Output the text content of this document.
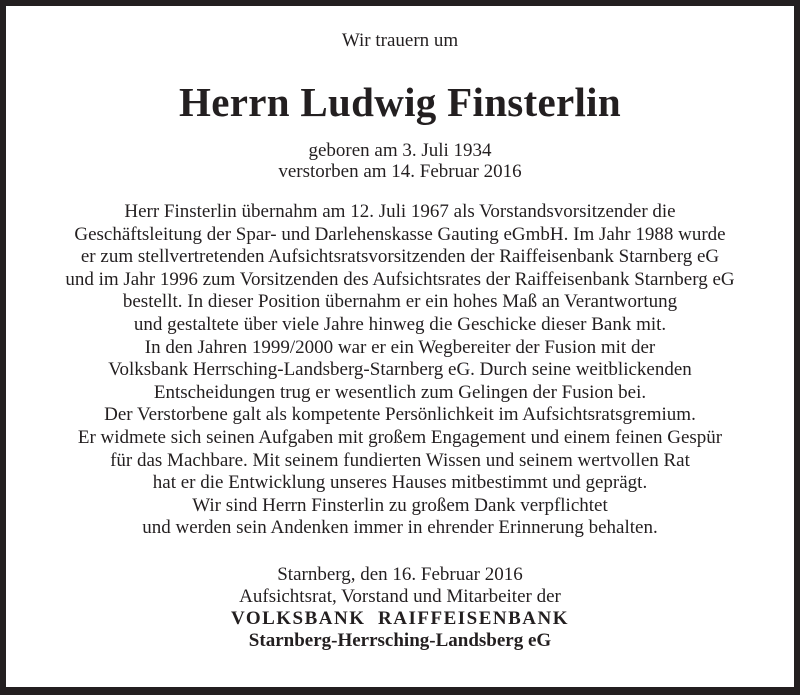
Wir trauern um
Herrn Ludwig Finsterlin
geboren am 3. Juli 1934
verstorben am 14. Februar 2016
Herr Finsterlin übernahm am 12. Juli 1967 als Vorstandsvorsitzender die
Geschäftsleitung der Spar- und Darlehenskasse Gauting eGmbH. Im Jahr 1988 wurde
er zum stellvertretenden Aufsichtsratsvorsitzenden der Raiffeisenbank Starnberg eG
und im Jahr 1996 zum Vorsitzenden des Aufsichtsrates der Raiffeisenbank Starnberg eG
bestellt. In dieser Position übernahm er ein hohes Maß an Verantwortung
und gestaltete über viele Jahre hinweg die Geschicke dieser Bank mit.
In den Jahren 1999/2000 war er ein Wegbereiter der Fusion mit der
Volksbank Herrsching-Landsberg-Starnberg eG. Durch seine weitblickenden
Entscheidungen trug er wesentlich zum Gelingen der Fusion bei.
Der Verstorbene galt als kompetente Persönlichkeit im Aufsichtsratsgremium.
Er widmete sich seinen Aufgaben mit großem Engagement und einem feinen Gespür
für das Machbare. Mit seinem fundierten Wissen und seinem wertvollen Rat
hat er die Entwicklung unseres Hauses mitbestimmt und geprägt.
Wir sind Herrn Finsterlin zu großem Dank verpflichtet
und werden sein Andenken immer in ehrender Erinnerung behalten.
Starnberg, den 16. Februar 2016
Aufsichtsrat, Vorstand und Mitarbeiter der
VOLKSBANK  RAIFFEISENBANK
Starnberg-Herrsching-Landsberg eG
